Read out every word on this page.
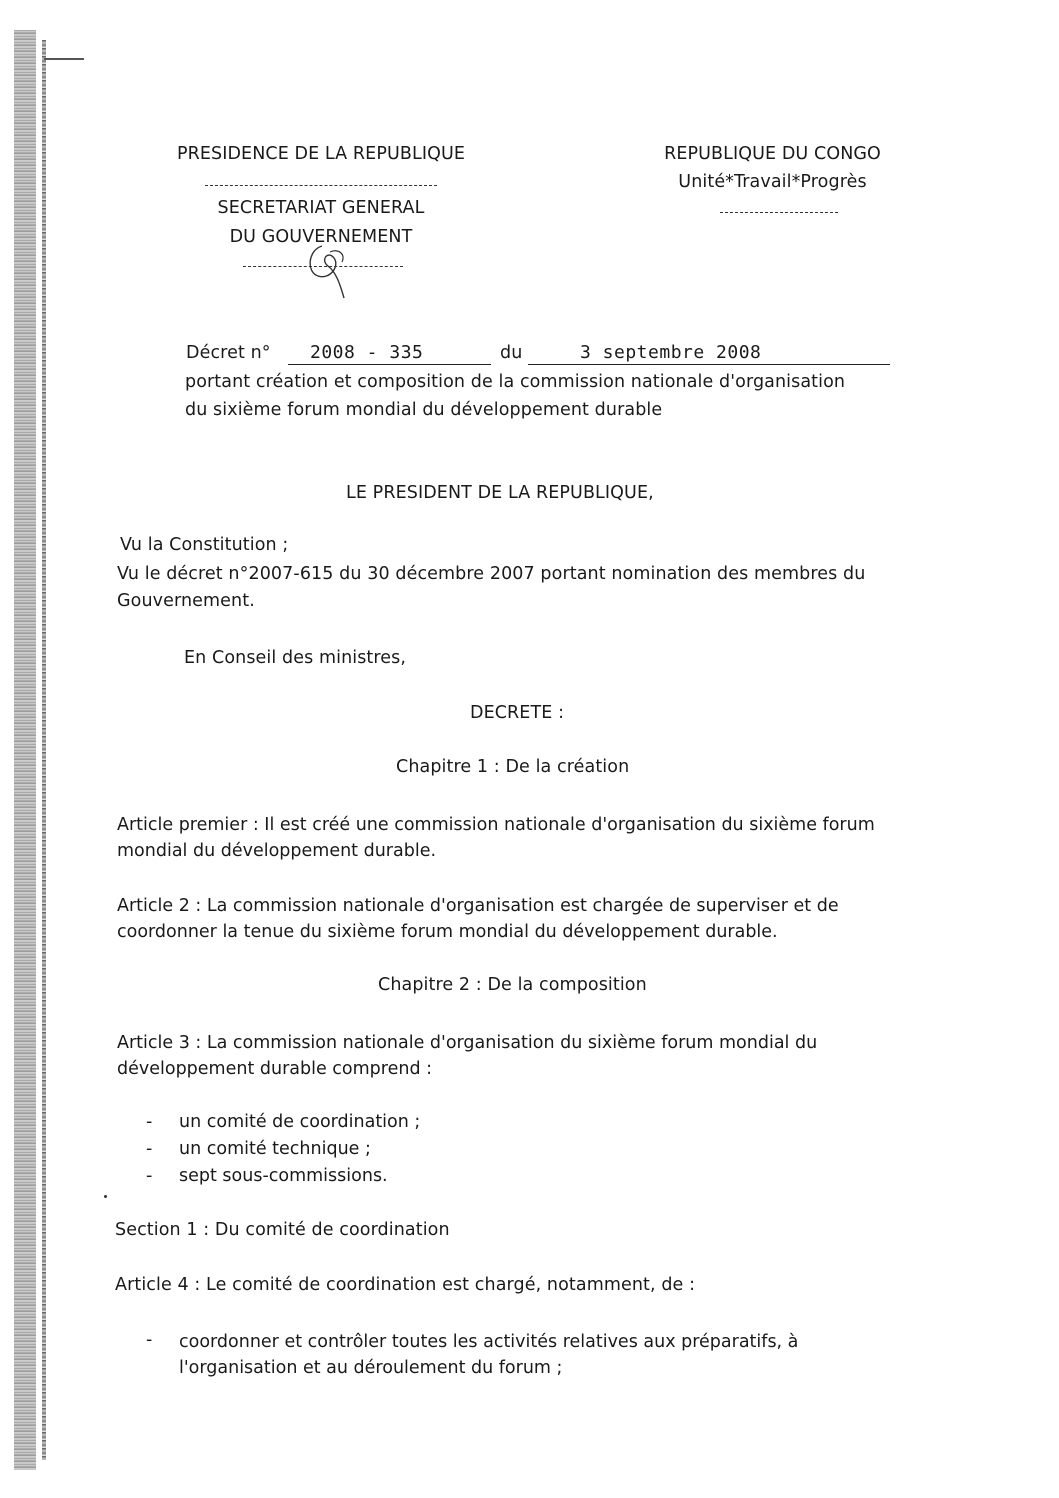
PRESIDENCE DE LA REPUBLIQUE
SECRETARIAT GENERAL
DU GOUVERNEMENT
REPUBLIQUE DU CONGO
Unité*Travail*Progrès
Décret n° 2008 - 335	du	3 septembre 2008
portant création et composition de la commission nationale d'organisation
du sixième forum mondial du développement durable
LE PRESIDENT DE LA REPUBLIQUE,
Vu la Constitution ;
Vu le décret n°2007-615 du 30 décembre 2007 portant nomination des membres du
Gouvernement.
En Conseil des ministres,
DECRETE :
Chapitre 1 : De la création
Article premier : Il est créé une commission nationale d'organisation du sixième forum
mondial du développement durable.
Article 2 : La commission nationale d'organisation est chargée de superviser et de
coordonner la tenue du sixième forum mondial du développement durable.
Chapitre 2 : De la composition
Article 3 : La commission nationale d'organisation du sixième forum mondial du
développement durable comprend :
- un comité de coordination ;
- un comité technique ;
- sept sous-commissions.
Section 1 : Du comité de coordination
Article 4 : Le comité de coordination est chargé, notamment, de :
- coordonner et contrôler toutes les activités relatives aux préparatifs, à
l'organisation et au déroulement du forum ;
